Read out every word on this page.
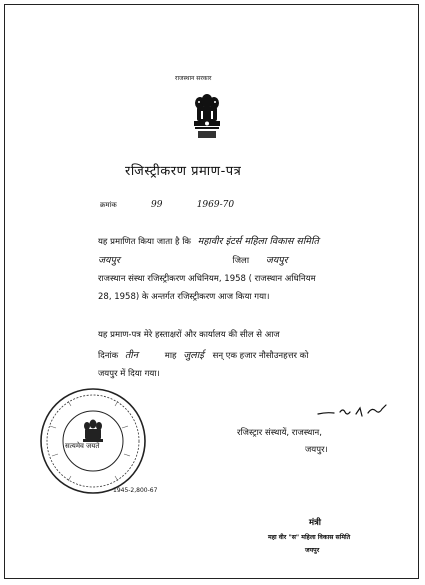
राजस्थान सरकार
रजिस्ट्रीकरण प्रमाण-पत्र
क्रमांक	99	1969-70
यह प्रमाणित किया जाता है कि महावीर इंटर्स महिला विकास समिति
जयपुर	जिला जयपुर
राजस्थान संस्था रजिस्ट्रीकरण अधिनियम, 1958 ( राजस्थान अधिनियम
28, 1958) के अन्तर्गत रजिस्ट्रीकरण आज किया गया।
यह प्रमाण-पत्र मेरे हस्ताक्षरों और कार्यालय की सील से आज
दिनांक तीन	माह जुलाई सन् एक हजार नौसौउनहत्तर को
जयपुर में दिया गया।
रजिस्ट्रार संस्थायें, राजस्थान,
जयपुर।
सत्यमेव जयते
1945-2,800-67
मंत्री
महा वीर "स" महिला विकास समिति
जयपुर
